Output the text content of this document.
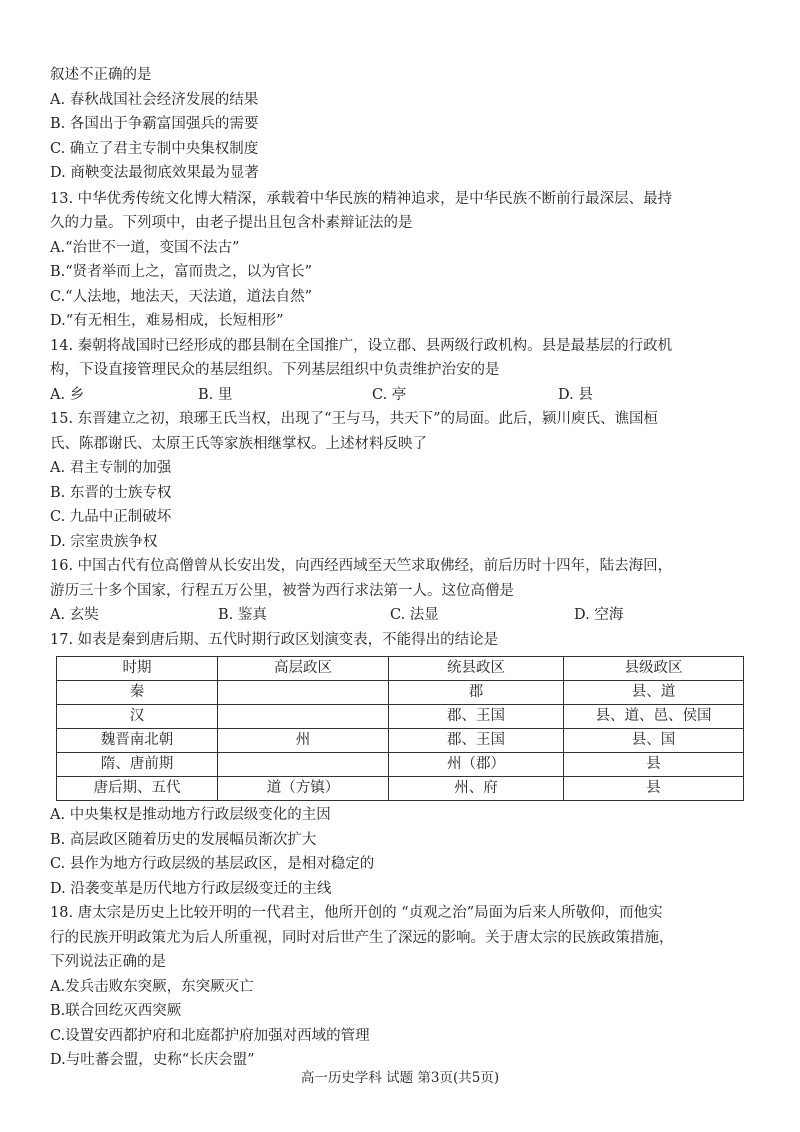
叙述不正确的是
A. 春秋战国社会经济发展的结果
B. 各国出于争霸富国强兵的需要
C. 确立了君主专制中央集权制度
D. 商鞅变法最彻底效果最为显著
13. 中华优秀传统文化博大精深，承载着中华民族的精神追求，是中华民族不断前行最深层、最持
久的力量。下列项中，由老子提出且包含朴素辩证法的是
A.“治世不一道，变国不法古”
B.“贤者举而上之，富而贵之，以为官长”
C.“人法地，地法天，天法道，道法自然”
D.“有无相生，难易相成，长短相形”
14. 秦朝将战国时已经形成的郡县制在全国推广，设立郡、县两级行政机构。县是最基层的行政机
构，下设直接管理民众的基层组织。下列基层组织中负责维护治安的是
A. 乡	B. 里	C. 亭	D. 县
15. 东晋建立之初，琅琊王氏当权，出现了“王与马，共天下”的局面。此后，颍川庾氏、谯国桓
氏、陈郡谢氏、太原王氏等家族相继掌权。上述材料反映了
A. 君主专制的加强
B. 东晋的士族专权
C. 九品中正制破坏
D. 宗室贵族争权
16. 中国古代有位高僧曾从长安出发，向西经西域至天竺求取佛经，前后历时十四年，陆去海回，
游历三十多个国家，行程五万公里，被誉为西行求法第一人。这位高僧是
A. 玄奘	B. 鉴真	C. 法显	D. 空海
17. 如表是秦到唐后期、五代时期行政区划演变表，不能得出的结论是
时期	高层政区	统县政区	县级政区
秦		郡	县、道
汉		郡、王国	县、道、邑、侯国
魏晋南北朝	州	郡、王国	县、国
隋、唐前期		州（郡）	县
唐后期、五代	道（方镇）	州、府	县
A. 中央集权是推动地方行政层级变化的主因
B. 高层政区随着历史的发展幅员渐次扩大
C. 县作为地方行政层级的基层政区，是相对稳定的
D. 沿袭变革是历代地方行政层级变迁的主线
18. 唐太宗是历史上比较开明的一代君主，他所开创的 “贞观之治”局面为后来人所敬仰，而他实
行的民族开明政策尤为后人所重视，同时对后世产生了深远的影响。关于唐太宗的民族政策措施，
下列说法正确的是
A.发兵击败东突厥，东突厥灭亡
B.联合回纥灭西突厥
C.设置安西都护府和北庭都护府加强对西域的管理
D.与吐蕃会盟，史称“长庆会盟”
高一历史学科 试题 第3页(共5页)
